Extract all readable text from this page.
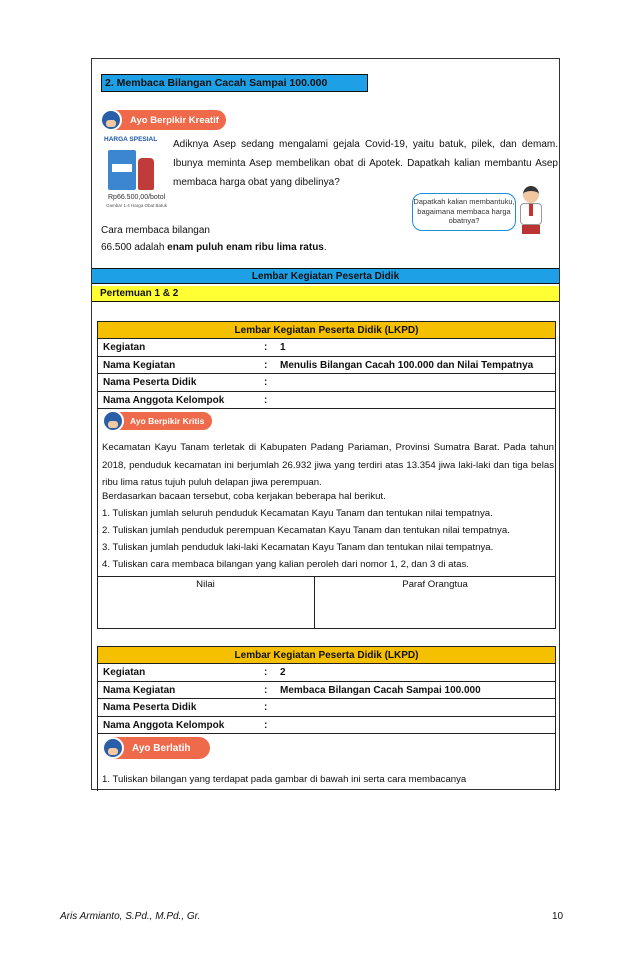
2. Membaca Bilangan Cacah Sampai 100.000
Ayo Berpikir Kreatif
HARGA SPESIAL
Rp66.500,00/botol
Gambar 1.4 Harga Obat Batuk
Adiknya Asep sedang mengalami gejala Covid-19, yaitu batuk, pilek, dan demam. Ibunya meminta Asep membelikan obat di Apotek. Dapatkah kalian membantu Asep membaca harga obat yang dibelinya?
Dapatkah kalian membantuku, bagaimana membaca harga obatnya?
Cara membaca bilangan
66.500 adalah enam puluh enam ribu lima ratus.
Lembar Kegiatan Peserta Didik
Pertemuan 1 & 2
Lembar Kegiatan Peserta Didik (LKPD)
Kegiatan	: 1
Nama Kegiatan	: Menulis Bilangan Cacah 100.000 dan Nilai Tempatnya
Nama Peserta Didik	:
Nama Anggota Kelompok	:
Ayo Berpikir Kritis
Kecamatan Kayu Tanam terletak di Kabupaten Padang Pariaman, Provinsi Sumatra Barat. Pada tahun 2018, penduduk kecamatan ini berjumlah 26.932 jiwa yang terdiri atas 13.354 jiwa laki-laki dan tiga belas ribu lima ratus tujuh puluh delapan jiwa perempuan.
Berdasarkan bacaan tersebut, coba kerjakan beberapa hal berikut.
1. Tuliskan jumlah seluruh penduduk Kecamatan Kayu Tanam dan tentukan nilai tempatnya.
2. Tuliskan jumlah penduduk perempuan Kecamatan Kayu Tanam dan tentukan nilai tempatnya.
3. Tuliskan jumlah penduduk laki-laki Kecamatan Kayu Tanam dan tentukan nilai tempatnya.
4. Tuliskan cara membaca bilangan yang kalian peroleh dari nomor 1, 2, dan 3 di atas.
Nilai	Paraf Orangtua
Lembar Kegiatan Peserta Didik (LKPD)
Kegiatan	: 2
Nama Kegiatan	: Membaca Bilangan Cacah Sampai 100.000
Nama Peserta Didik	:
Nama Anggota Kelompok	:
Ayo Berlatih
1. Tuliskan bilangan yang terdapat pada gambar di bawah ini serta cara membacanya
Aris Armianto, S.Pd., M.Pd., Gr.	10
